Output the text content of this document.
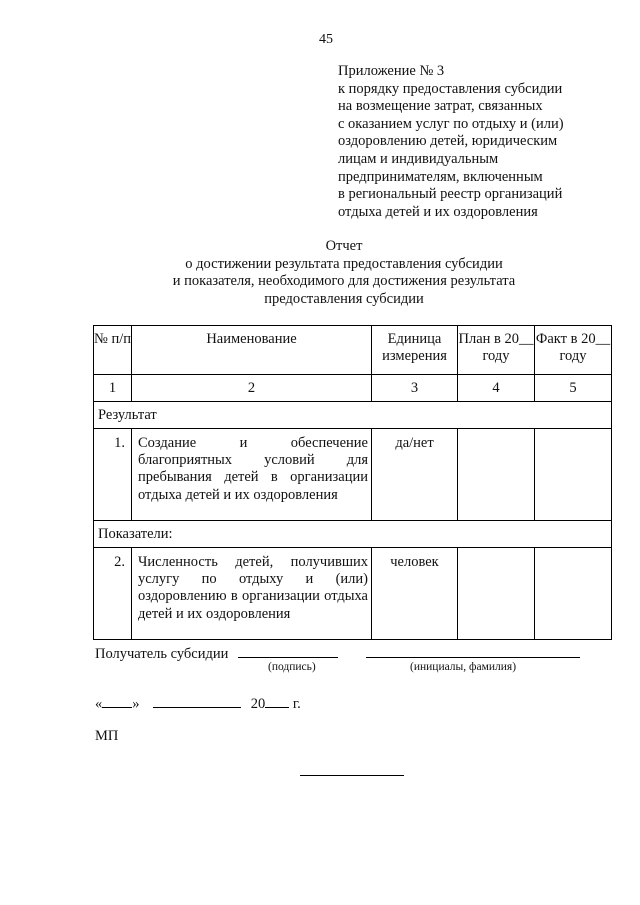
45
Приложение № 3
к порядку предоставления субсидии
на возмещение затрат, связанных
с оказанием услуг по отдыху и (или)
оздоровлению детей, юридическим
лицам и индивидуальным
предпринимателям, включенным
в региональный реестр организаций
отдыха детей и их оздоровления
Отчет
о достижении результата предоставления субсидии
и показателя, необходимого для достижения результата
предоставления субсидии
№ п/п	Наименование	Единица измерения	План в 20__ году	Факт в 20__ году
1	2	3	4	5
Результат				
1.	Создание и обеспечение благоприятных условий для пребывания детей в организации отдыха детей и их оздоровления	да/нет		
Показатели:				
2.	Численность детей, получивших услугу по отдыху и (или) оздоровлению в организации отдыха детей и их оздоровления	человек		
Получатель субсидии
(подпись)	(инициалы, фамилия)
« »	20 г.
МП
